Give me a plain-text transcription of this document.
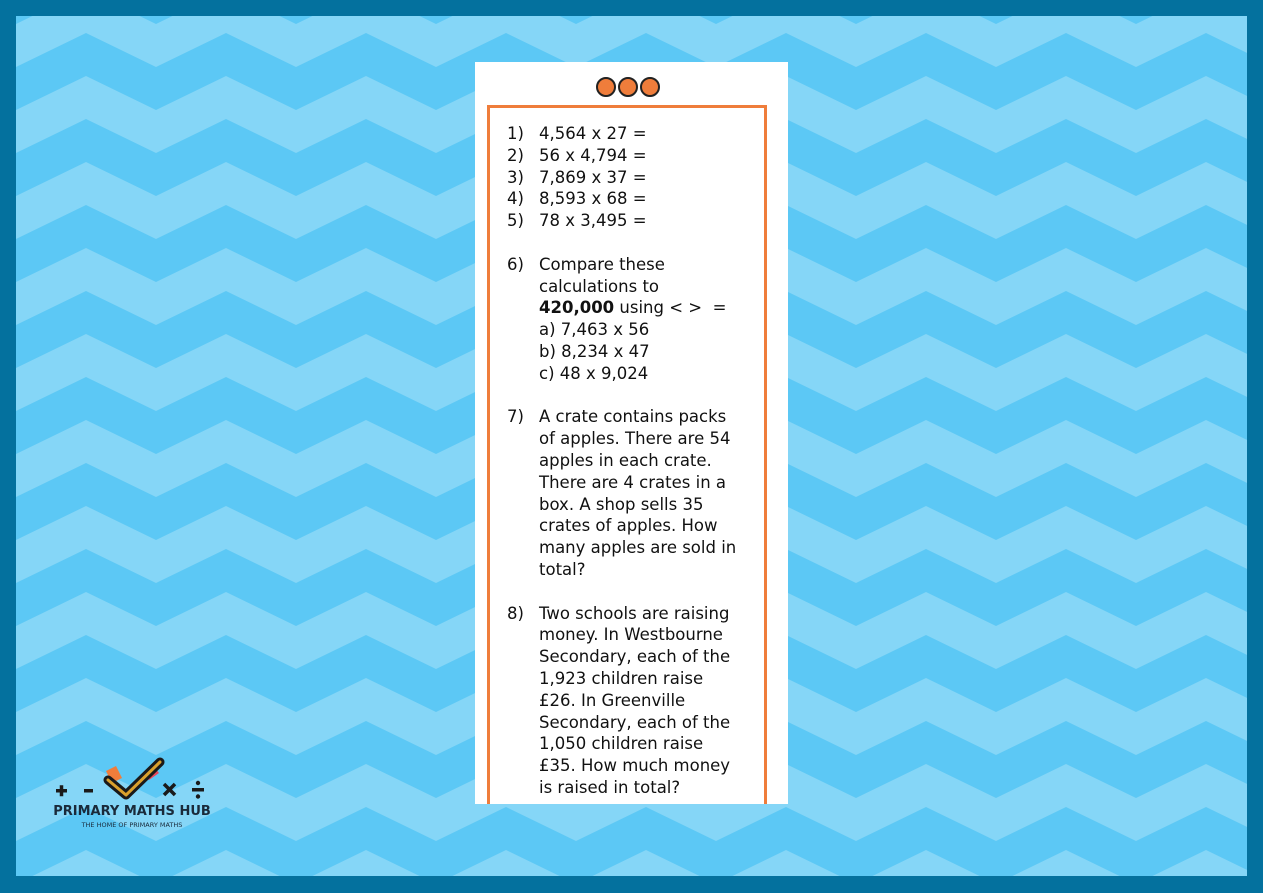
1) 4,564 x 27 =
2) 56 x 4,794 =
3) 7,869 x 37 =
4) 8,593 x 68 =
5) 78 x 3,495 =
6) Compare these
calculations to
420,000 using < >  =
a) 7,463 x 56
b) 8,234 x 47
c) 48 x 9,024
7) A crate contains packs
of apples. There are 54
apples in each crate.
There are 4 crates in a
box. A shop sells 35
crates of apples. How
many apples are sold in
total?
8) Two schools are raising
money. In Westbourne
Secondary, each of the
1,923 children raise
£26. In Greenville
Secondary, each of the
1,050 children raise
£35. How much money
is raised in total?
PRIMARY MATHS HUB
THE HOME OF PRIMARY MATHS
